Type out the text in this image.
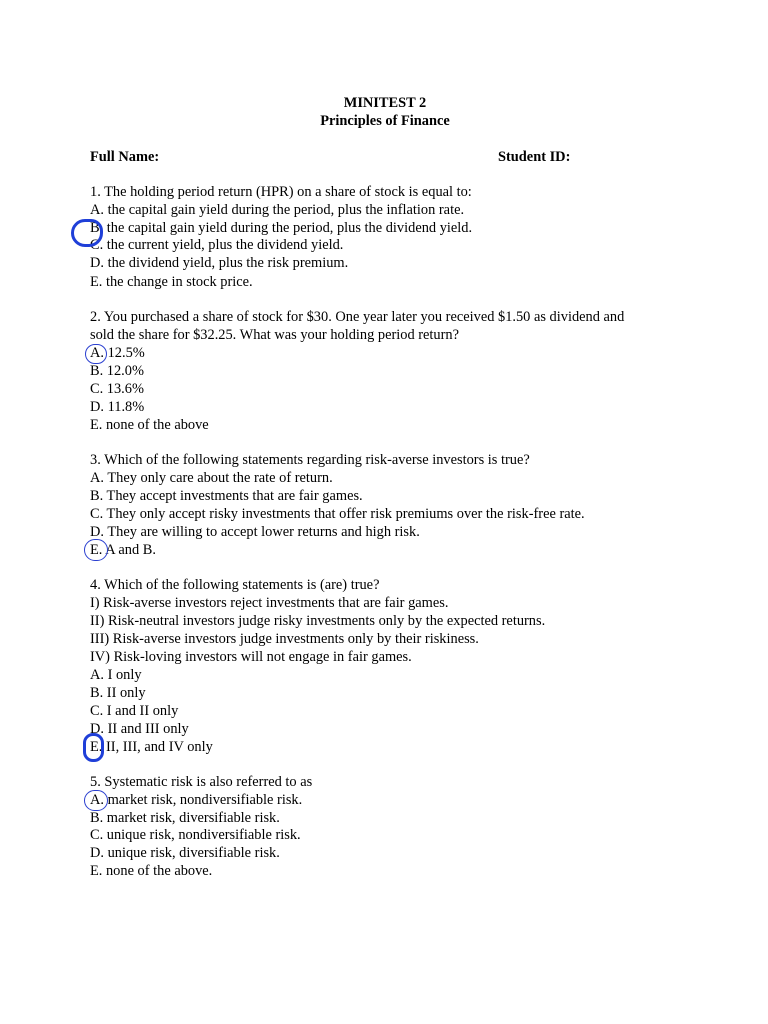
MINITEST 2
Principles of Finance
Full Name:	Student ID:
1. The holding period return (HPR) on a share of stock is equal to:
A. the capital gain yield during the period, plus the inflation rate.
B. the capital gain yield during the period, plus the dividend yield.
C. the current yield, plus the dividend yield.
D. the dividend yield, plus the risk premium.
E. the change in stock price.
2. You purchased a share of stock for $30. One year later you received $1.50 as dividend and
sold the share for $32.25. What was your holding period return?
A. 12.5%
B. 12.0%
C. 13.6%
D. 11.8%
E. none of the above
3. Which of the following statements regarding risk-averse investors is true?
A. They only care about the rate of return.
B. They accept investments that are fair games.
C. They only accept risky investments that offer risk premiums over the risk-free rate.
D. They are willing to accept lower returns and high risk.
E. A and B.
4. Which of the following statements is (are) true?
I) Risk-averse investors reject investments that are fair games.
II) Risk-neutral investors judge risky investments only by the expected returns.
III) Risk-averse investors judge investments only by their riskiness.
IV) Risk-loving investors will not engage in fair games.
A. I only
B. II only
C. I and II only
D. II and III only
E. II, III, and IV only
5. Systematic risk is also referred to as
A. market risk, nondiversifiable risk.
B. market risk, diversifiable risk.
C. unique risk, nondiversifiable risk.
D. unique risk, diversifiable risk.
E. none of the above.
